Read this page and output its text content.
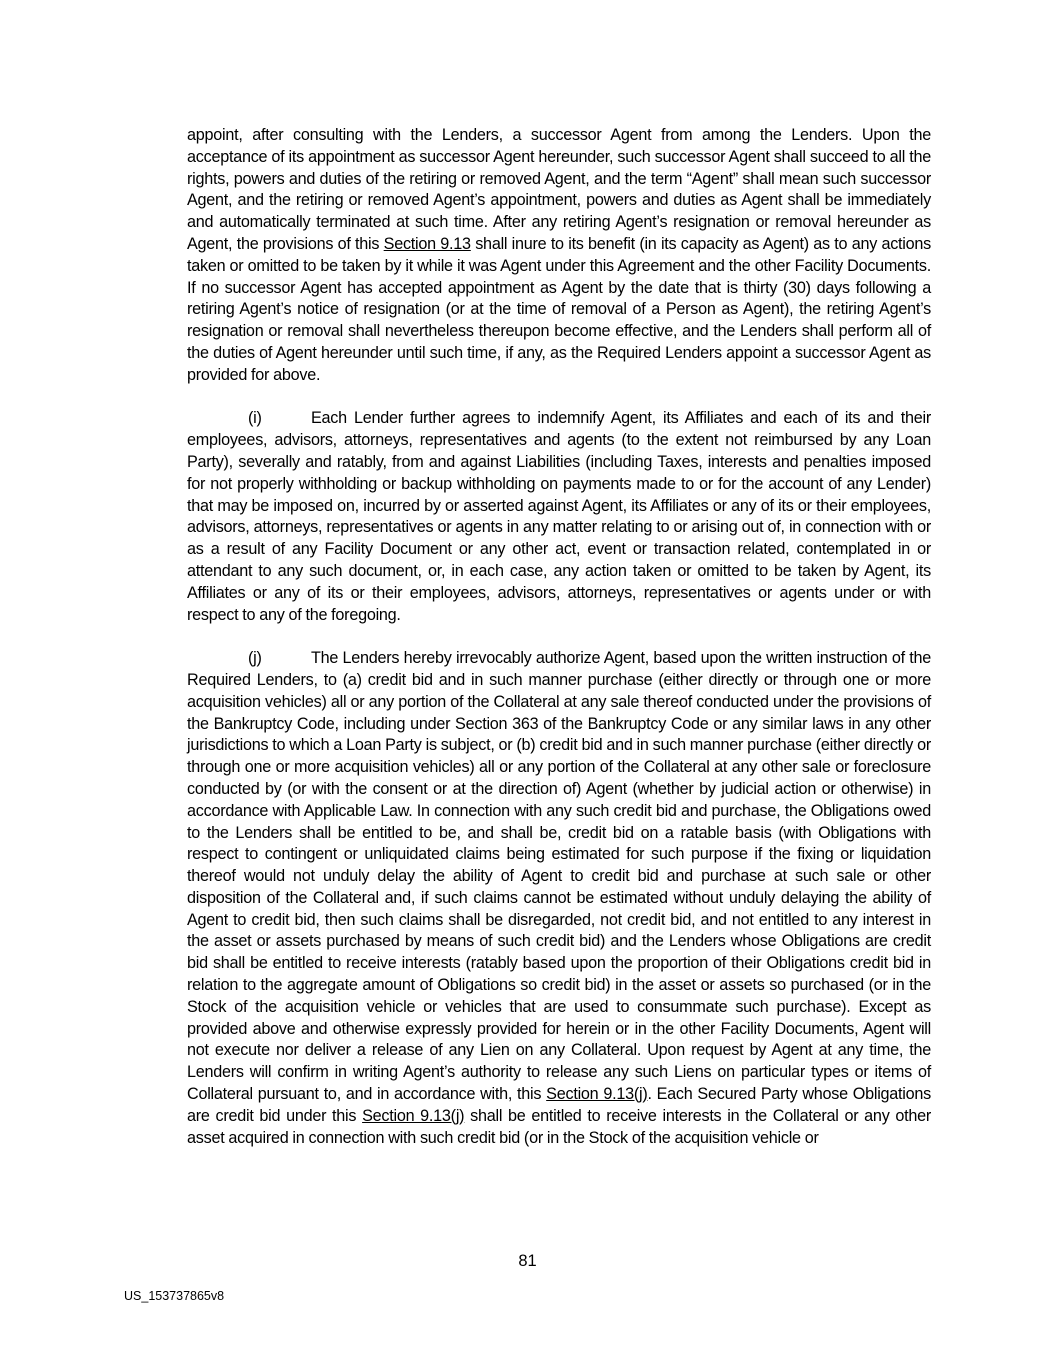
appoint, after consulting with the Lenders, a successor Agent from among the Lenders. Upon the acceptance of its appointment as successor Agent hereunder, such successor Agent shall succeed to all the rights, powers and duties of the retiring or removed Agent, and the term “Agent” shall mean such successor Agent, and the retiring or removed Agent’s appointment, powers and duties as Agent shall be immediately and automatically terminated at such time. After any retiring Agent’s resignation or removal hereunder as Agent, the provisions of this Section 9.13 shall inure to its benefit (in its capacity as Agent) as to any actions taken or omitted to be taken by it while it was Agent under this Agreement and the other Facility Documents. If no successor Agent has accepted appointment as Agent by the date that is thirty (30) days following a retiring Agent’s notice of resignation (or at the time of removal of a Person as Agent), the retiring Agent’s resignation or removal shall nevertheless thereupon become effective, and the Lenders shall perform all of the duties of Agent hereunder until such time, if any, as the Required Lenders appoint a successor Agent as provided for above.

(i)	Each Lender further agrees to indemnify Agent, its Affiliates and each of its and their employees, advisors, attorneys, representatives and agents (to the extent not reimbursed by any Loan Party), severally and ratably, from and against Liabilities (including Taxes, interests and penalties imposed for not properly withholding or backup withholding on payments made to or for the account of any Lender) that may be imposed on, incurred by or asserted against Agent, its Affiliates or any of its or their employees, advisors, attorneys, representatives or agents in any matter relating to or arising out of, in connection with or as a result of any Facility Document or any other act, event or transaction related, contemplated in or attendant to any such document, or, in each case, any action taken or omitted to be taken by Agent, its Affiliates or any of its or their employees, advisors, attorneys, representatives or agents under or with respect to any of the foregoing.

(j)	The Lenders hereby irrevocably authorize Agent, based upon the written instruction of the Required Lenders, to (a) credit bid and in such manner purchase (either directly or through one or more acquisition vehicles) all or any portion of the Collateral at any sale thereof conducted under the provisions of the Bankruptcy Code, including under Section 363 of the Bankruptcy Code or any similar laws in any other jurisdictions to which a Loan Party is subject, or (b) credit bid and in such manner purchase (either directly or through one or more acquisition vehicles) all or any portion of the Collateral at any other sale or foreclosure conducted by (or with the consent or at the direction of) Agent (whether by judicial action or otherwise) in accordance with Applicable Law. In connection with any such credit bid and purchase, the Obligations owed to the Lenders shall be entitled to be, and shall be, credit bid on a ratable basis (with Obligations with respect to contingent or unliquidated claims being estimated for such purpose if the fixing or liquidation thereof would not unduly delay the ability of Agent to credit bid and purchase at such sale or other disposition of the Collateral and, if such claims cannot be estimated without unduly delaying the ability of Agent to credit bid, then such claims shall be disregarded, not credit bid, and not entitled to any interest in the asset or assets purchased by means of such credit bid) and the Lenders whose Obligations are credit bid shall be entitled to receive interests (ratably based upon the proportion of their Obligations credit bid in relation to the aggregate amount of Obligations so credit bid) in the asset or assets so purchased (or in the Stock of the acquisition vehicle or vehicles that are used to consummate such purchase). Except as provided above and otherwise expressly provided for herein or in the other Facility Documents, Agent will not execute nor deliver a release of any Lien on any Collateral. Upon request by Agent at any time, the Lenders will confirm in writing Agent’s authority to release any such Liens on particular types or items of Collateral pursuant to, and in accordance with, this Section 9.13(j). Each Secured Party whose Obligations are credit bid under this Section 9.13(j) shall be entitled to receive interests in the Collateral or any other asset acquired in connection with such credit bid (or in the Stock of the acquisition vehicle or

81
US_153737865v8
